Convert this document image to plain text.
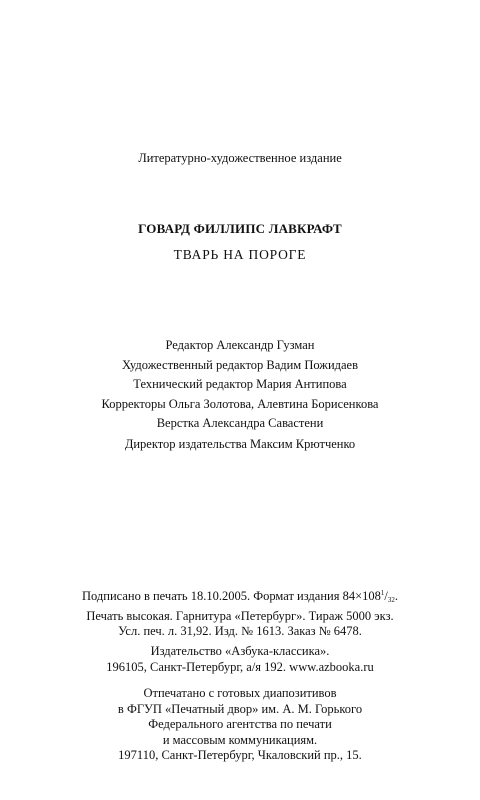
Литературно-художественное издание
ГОВАРД ФИЛЛИПС ЛАВКРАФТ
ТВАРЬ НА ПОРОГЕ
Редактор Александр Гузман
Художественный редактор Вадим Пожидаев
Технический редактор Мария Антипова
Корректоры Ольга Золотова, Алевтина Борисенкова
Верстка Александра Савастени
Директор издательства Максим Крютченко
Подписано в печать 18.10.2005. Формат издания $84\times 108^1/_{32}$.
Печать высокая. Гарнитура «Петербург». Тираж 5000 экз.
Усл. печ. л. 31,92. Изд. № 1613. Заказ № 6478.
Издательство «Азбука-классика».
196105, Санкт-Петербург, а/я 192. www.azbooka.ru
Отпечатано с готовых диапозитивов
в ФГУП «Печатный двор» им. А. М. Горького
Федерального агентства по печати
и массовым коммуникациям.
197110, Санкт-Петербург, Чкаловский пр., 15.
